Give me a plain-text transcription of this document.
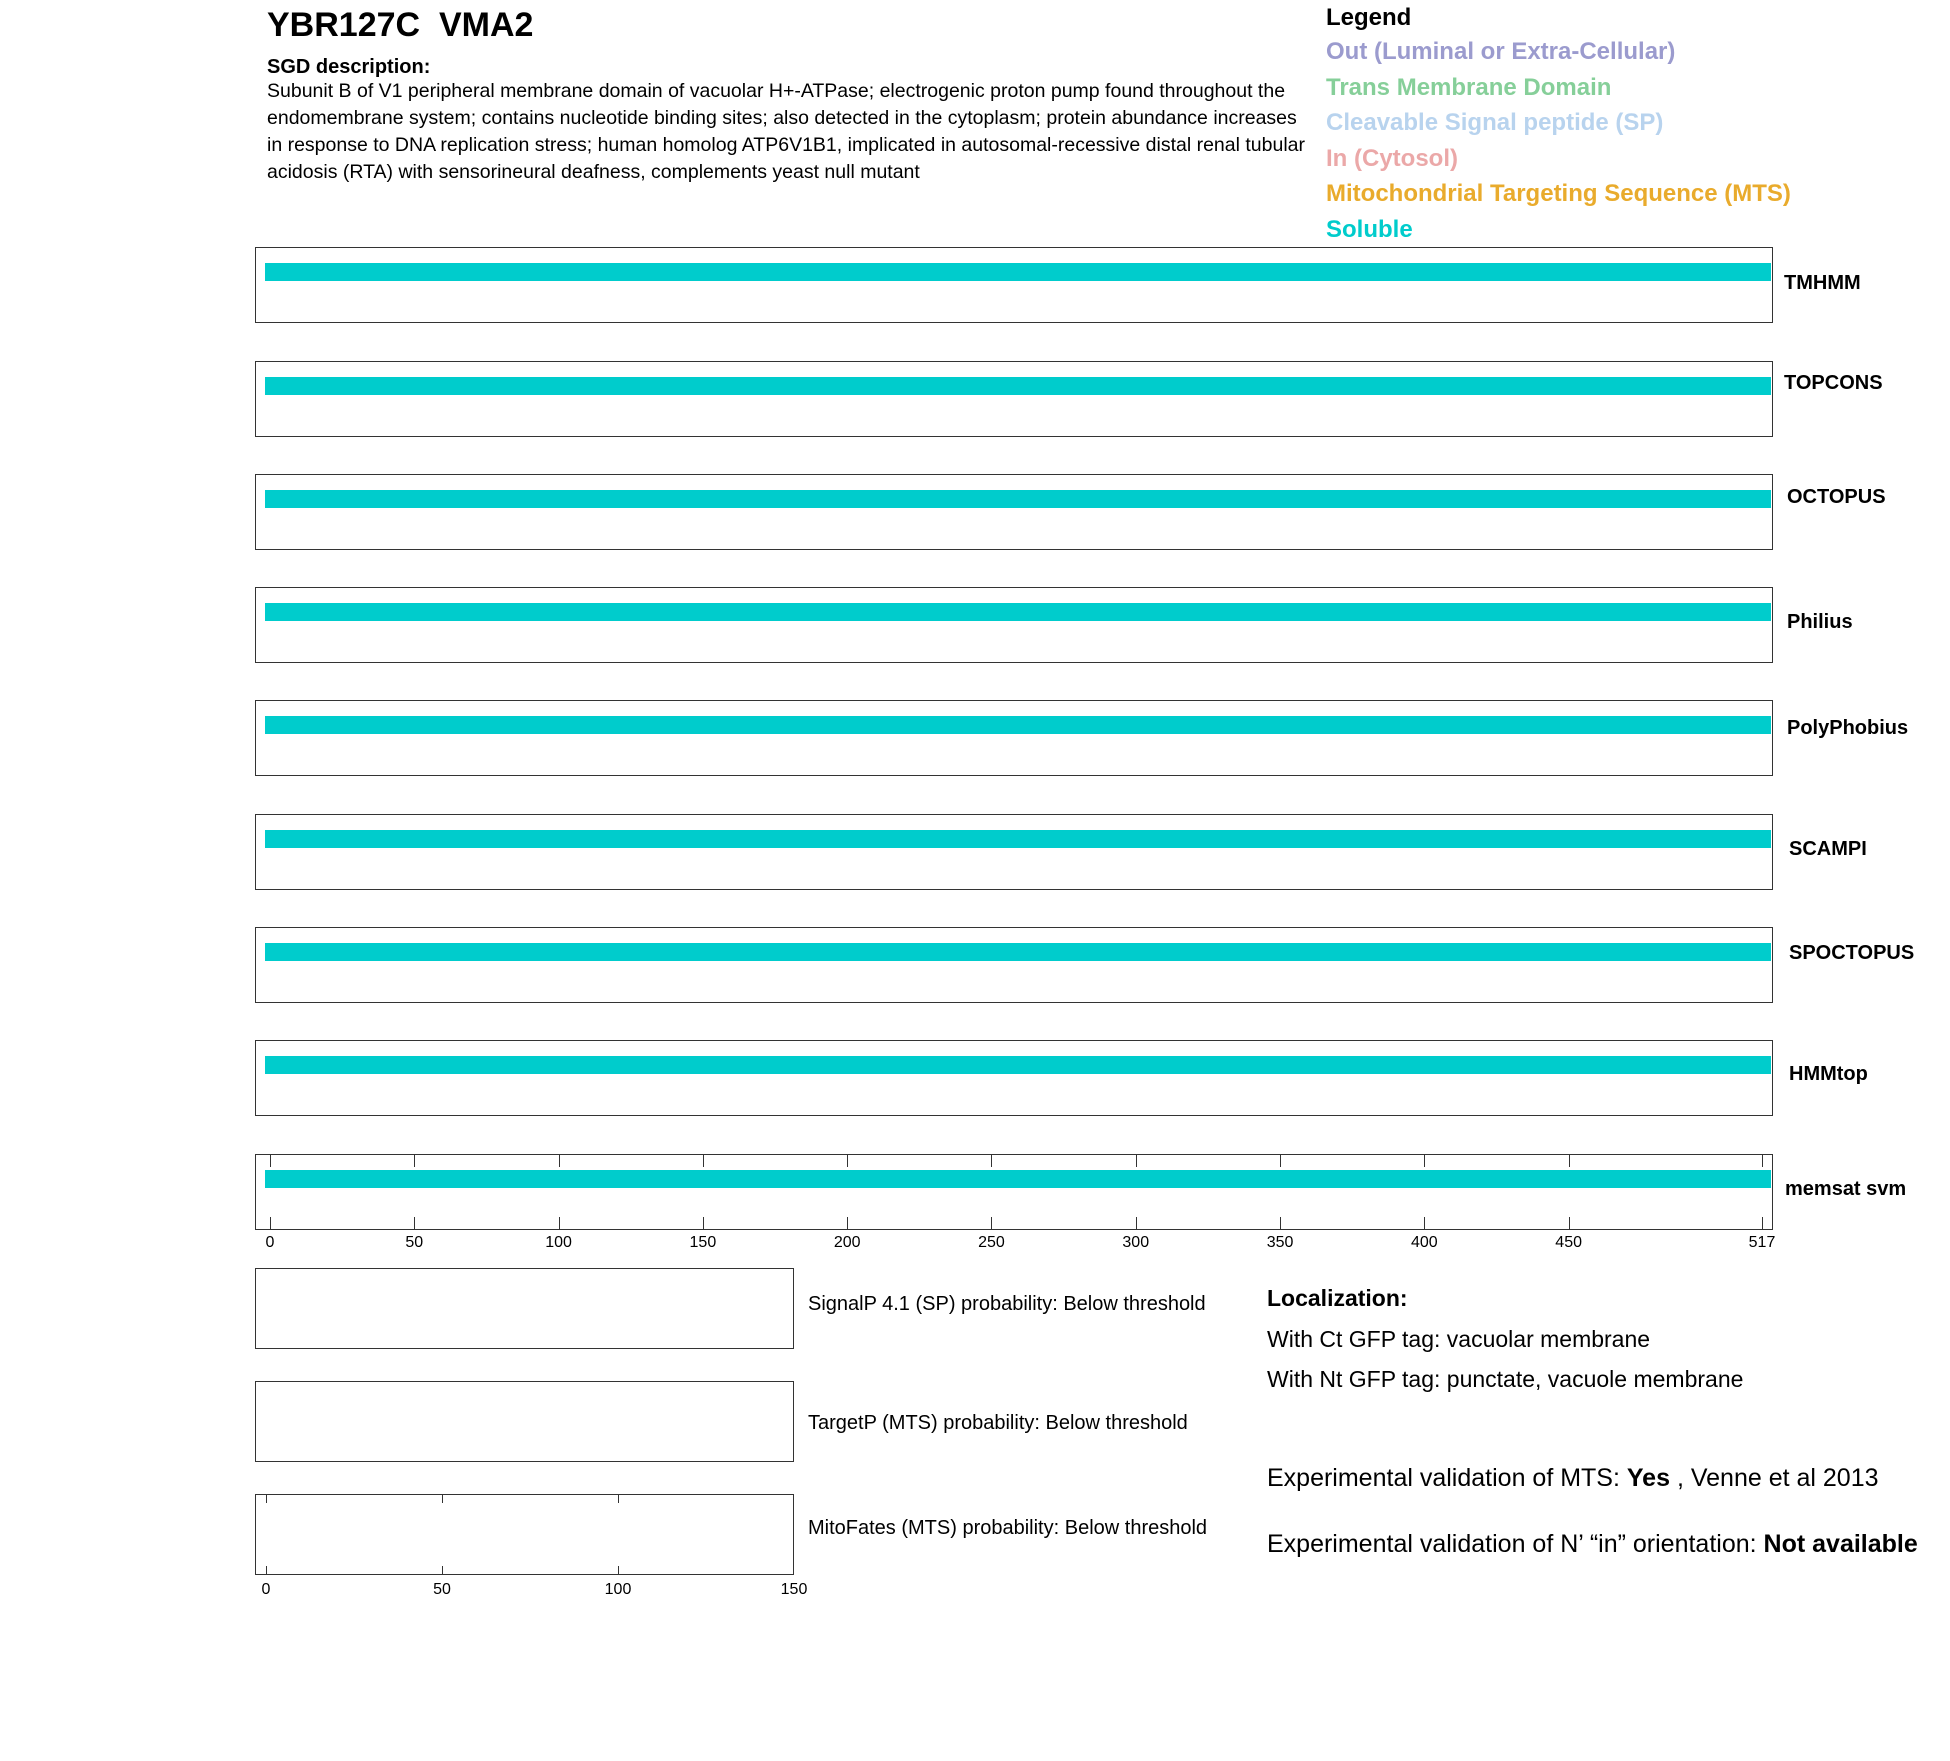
YBR127C  VMA2
SGD description:
Subunit B of V1 peripheral membrane domain of vacuolar H+-ATPase; electrogenic proton pump found throughout the endomembrane system; contains nucleotide binding sites; also detected in the cytoplasm; protein abundance increases in response to DNA replication stress; human homolog ATP6V1B1, implicated in autosomal-recessive distal renal tubular acidosis (RTA) with sensorineural deafness, complements yeast null mutant
Legend
Out (Luminal or Extra-Cellular)
Trans Membrane Domain
Cleavable Signal peptide (SP)
In (Cytosol)
Mitochondrial Targeting Sequence (MTS)
Soluble
TMHMM
TOPCONS
OCTOPUS
Philius
PolyPhobius
SCAMPI
SPOCTOPUS
HMMtop
memsat svm
0	50	100	150	200	250	300	350	400	450	517
SignalP 4.1 (SP) probability: Below threshold
TargetP (MTS) probability: Below threshold
MitoFates (MTS) probability: Below threshold
0	50	100	150
Localization:
With Ct GFP tag: vacuolar membrane
With Nt GFP tag: punctate, vacuole membrane
Experimental validation of MTS: Yes , Venne et al 2013
Experimental validation of N’ “in” orientation: Not available
